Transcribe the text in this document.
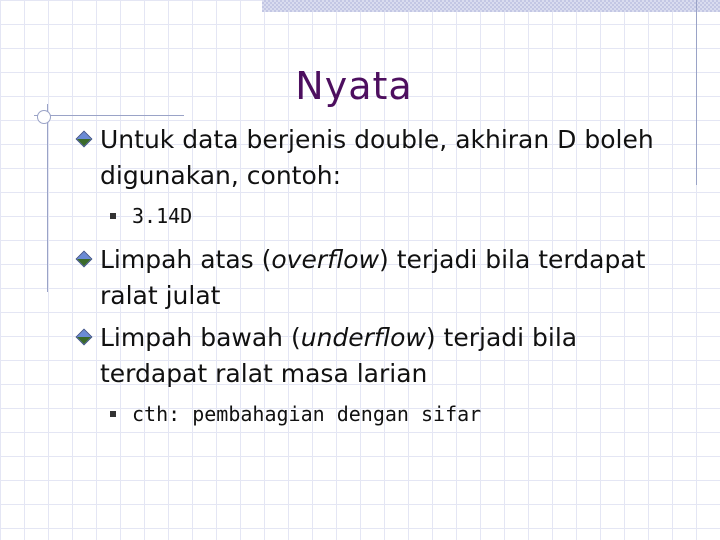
Nyata
Untuk data berjenis double, akhiran D boleh digunakan, contoh:
3.14D
Limpah atas (overflow) terjadi bila terdapat ralat julat
Limpah bawah (underflow) terjadi bila terdapat ralat masa larian
cth: pembahagian dengan sifar
